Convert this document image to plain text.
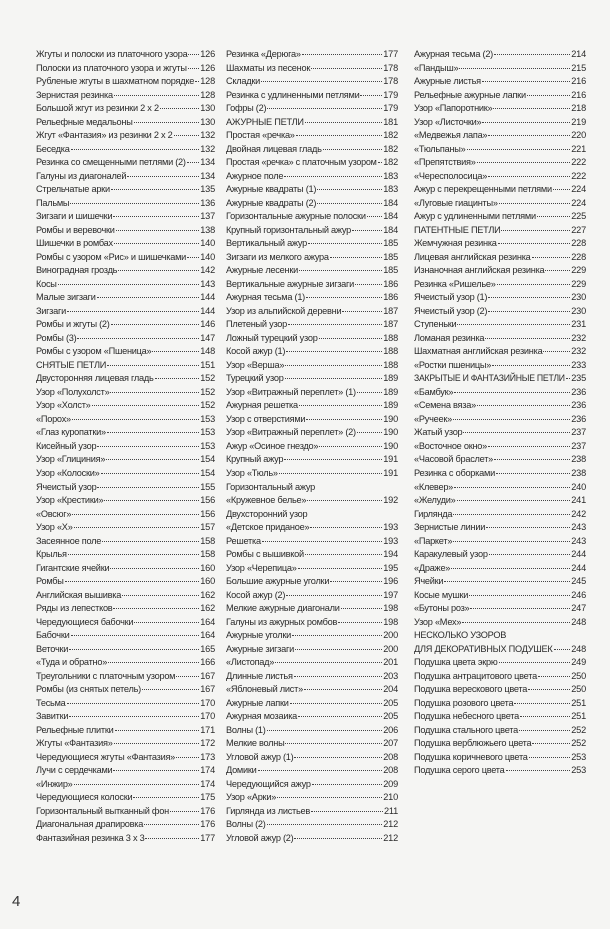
Жгуты и полоски из платочного узора 126
Полоски из платочного узора и жгуты 126
Рубленые жгуты в шахматном порядке 128
Зернистая резинка	128
Большой жгут из резинки 2 х 2	130
Рельефные медальоны	130
Жгут «Фантазия» из резинки 2 х 2	132
Беседка	132
Резинка со смещенными петлями (2) 134
Галуны из диагоналей	134
Стрельчатые арки	135
Пальмы	136
Зигзаги и шишечки	137
Ромбы и веревочки	138
Шишечки в ромбах	140
Ромбы с узором «Рис» и шишечками 140
Виноградная гроздь	142
Косы	143
Малые зигзаги	144
Зигзаги	144
Ромбы и жгуты (2)	146
Ромбы (3)	147
Ромбы с узором «Пшеница»	148
СНЯТЫЕ ПЕТЛИ	151
Двусторонняя лицевая гладь	152
Узор «Полухолст»	152
Узор «Холст»	152
«Порох»	153
«Глаз куропатки»	153
Кисейный узор	153
Узор «Глициния»	154
Узор «Колоски»	154
Ячеистый узор	155
Узор «Крестики»	156
«Овсюг»	156
Узор «Х»	157
Засеянное поле	158
Крылья	158
Гигантские ячейки	160
Ромбы	160
Английская вышивка	162
Ряды из лепестков	162
Чередующиеся бабочки	164
Бабочки	164
Веточки	165
«Туда и обратно»	166
Треугольники с платочным узором	167
Ромбы (из снятых петель)	167
Тесьма	170
Завитки	170
Рельефные плитки	171
Жгуты «Фантазия»	172
Чередующиеся жгуты «Фантазия»	173
Лучи с сердечками	174
«Инжир»	174
Чередующиеся колоски	175
Горизонтальный вытканный фон	176
Диагональная драпировка	176
Фантазийная резинка 3 х 3	177
Резинка «Дерюга»	177
Шахматы из песенок	178
Складки	178
Резинка с удлиненными петлями	179
Гофры (2)	179
АЖУРНЫЕ ПЕТЛИ	181
Простая «речка»	182
Двойная лицевая гладь	182
Простая «речка» с платочным узором 182
Ажурное поле	183
Ажурные квадраты (1)	183
Ажурные квадраты (2)	184
Горизонтальные ажурные полоски 184
Крупный горизонтальный ажур	184
Вертикальный ажур	185
Зигзаги из мелкого ажура	185
Ажурные лесенки	185
Вертикальные ажурные зигзаги	186
Ажурная тесьма (1)	186
Узор из альпийской деревни	187
Плетеный узор	187
Ложный турецкий узор	188
Косой ажур (1)	188
Узор «Верша»	188
Турецкий узор	189
Узор «Витражный переплет» (1)	189
Ажурная решетка	189
Узор с отверстиями	190
Узор «Витражный переплет» (2)	190
Ажур «Осиное гнездо»	190
Крупный ажур	191
Узор «Тюль»	191
Горизонтальный ажур
«Кружевное белье»	192
Двухсторонний узор
«Детское приданое»	193
Решетка	193
Ромбы с вышивкой	194
Узор «Черепица»	195
Большие ажурные уголки	196
Косой ажур (2)	197
Мелкие ажурные диагонали	198
Галуны из ажурных ромбов	198
Ажурные уголки	200
Ажурные зигзаги	200
«Листопад»	201
Длинные листья	203
«Яблоневый лист»	204
Ажурные лапки	205
Ажурная мозаика	205
Волны (1)	206
Мелкие волны	207
Угловой ажур (1)	208
Домики	208
Чередующийся ажур	209
Узор «Арки»	210
Гирлянда из листьев	211
Волны (2)	212
Угловой ажур (2)	212
Ажурная тесьма (2)	214
«Пандыш»	215
Ажурные листья	216
Рельефные ажурные лапки	216
Узор «Папоротник»	218
Узор «Листочки»	219
«Медвежья лапа»	220
«Тюльпаны»	221
«Препятствия»	222
«Чересполосица»	222
Ажур с перекрещенными петлями 224
«Луговые гиацинты»	224
Ажур с удлиненными петлями	225
ПАТЕНТНЫЕ ПЕТЛИ	227
Жемчужная резинка	228
Лицевая английская резинка	228
Изнаночная английская резинка	229
Резинка «Ришелье»	229
Ячеистый узор (1)	230
Ячеистый узор (2)	230
Ступеньки	231
Ломаная резинка	232
Шахматная английская резинка	232
«Ростки пшеницы»	233
ЗАКРЫТЫЕ И ФАНТАЗИЙНЫЕ ПЕТЛИ 235
«Бамбук»	236
«Семена вяза»	236
«Ручеек»	236
Жатый узор	237
«Восточное окно»	237
«Часовой браслет»	238
Резинка с оборками	238
«Клевер»	240
«Желуди»	241
Гирлянда	242
Зернистые линии	243
«Паркет»	243
Каракулевый узор	244
«Драже»	244
Ячейки	245
Косые мушки	246
«Бутоны роз»	247
Узор «Мех»	248
НЕСКОЛЬКО УЗОРОВ
ДЛЯ ДЕКОРАТИВНЫХ ПОДУШЕК 248
Подушка цвета экрю	249
Подушка антрацитового цвета	250
Подушка верескового цвета	250
Подушка розового цвета	251
Подушка небесного цвета	251
Подушка стального цвета	252
Подушка верблюжьего цвета	252
Подушка коричневого цвета	253
Подушка серого цвета	253
4
